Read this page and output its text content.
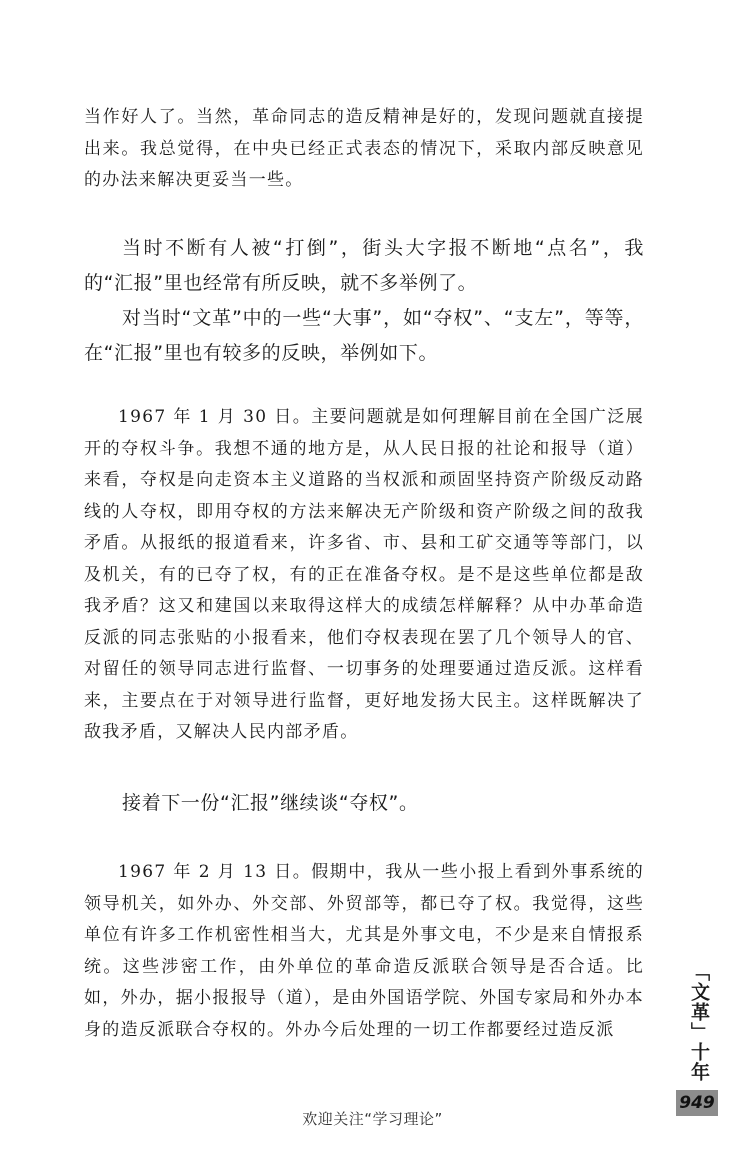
当作好人了。当然，革命同志的造反精神是好的，发现问题就直接提出来。我总觉得，在中央已经正式表态的情况下，采取内部反映意见的办法来解决更妥当一些。

当时不断有人被“打倒”，街头大字报不断地“点名”，我的“汇报”里也经常有所反映，就不多举例了。

对当时“文革”中的一些“大事”，如“夺权”、“支左”，等等，在“汇报”里也有较多的反映，举例如下。

1967 年 1 月 30 日。主要问题就是如何理解目前在全国广泛展开的夺权斗争。我想不通的地方是，从人民日报的社论和报导（道）来看，夺权是向走资本主义道路的当权派和顽固坚持资产阶级反动路线的人夺权，即用夺权的方法来解决无产阶级和资产阶级之间的敌我矛盾。从报纸的报道看来，许多省、市、县和工矿交通等等部门，以及机关，有的已夺了权，有的正在准备夺权。是不是这些单位都是敌我矛盾？这又和建国以来取得这样大的成绩怎样解释？从中办革命造反派的同志张贴的小报看来，他们夺权表现在罢了几个领导人的官、对留任的领导同志进行监督、一切事务的处理要通过造反派。这样看来，主要点在于对领导进行监督，更好地发扬大民主。这样既解决了敌我矛盾，又解决人民内部矛盾。

接着下一份“汇报”继续谈“夺权”。

1967 年 2 月 13 日。假期中，我从一些小报上看到外事系统的领导机关，如外办、外交部、外贸部等，都已夺了权。我觉得，这些单位有许多工作机密性相当大，尤其是外事文电，不少是来自情报系统。这些涉密工作，由外单位的革命造反派联合领导是否合适。比如，外办，据小报报导（道），是由外国语学院、外国专家局和外办本身的造反派联合夺权的。外办今后处理的一切工作都要经过造反派	「文革」十年
949
欢迎关注“学习理论”
